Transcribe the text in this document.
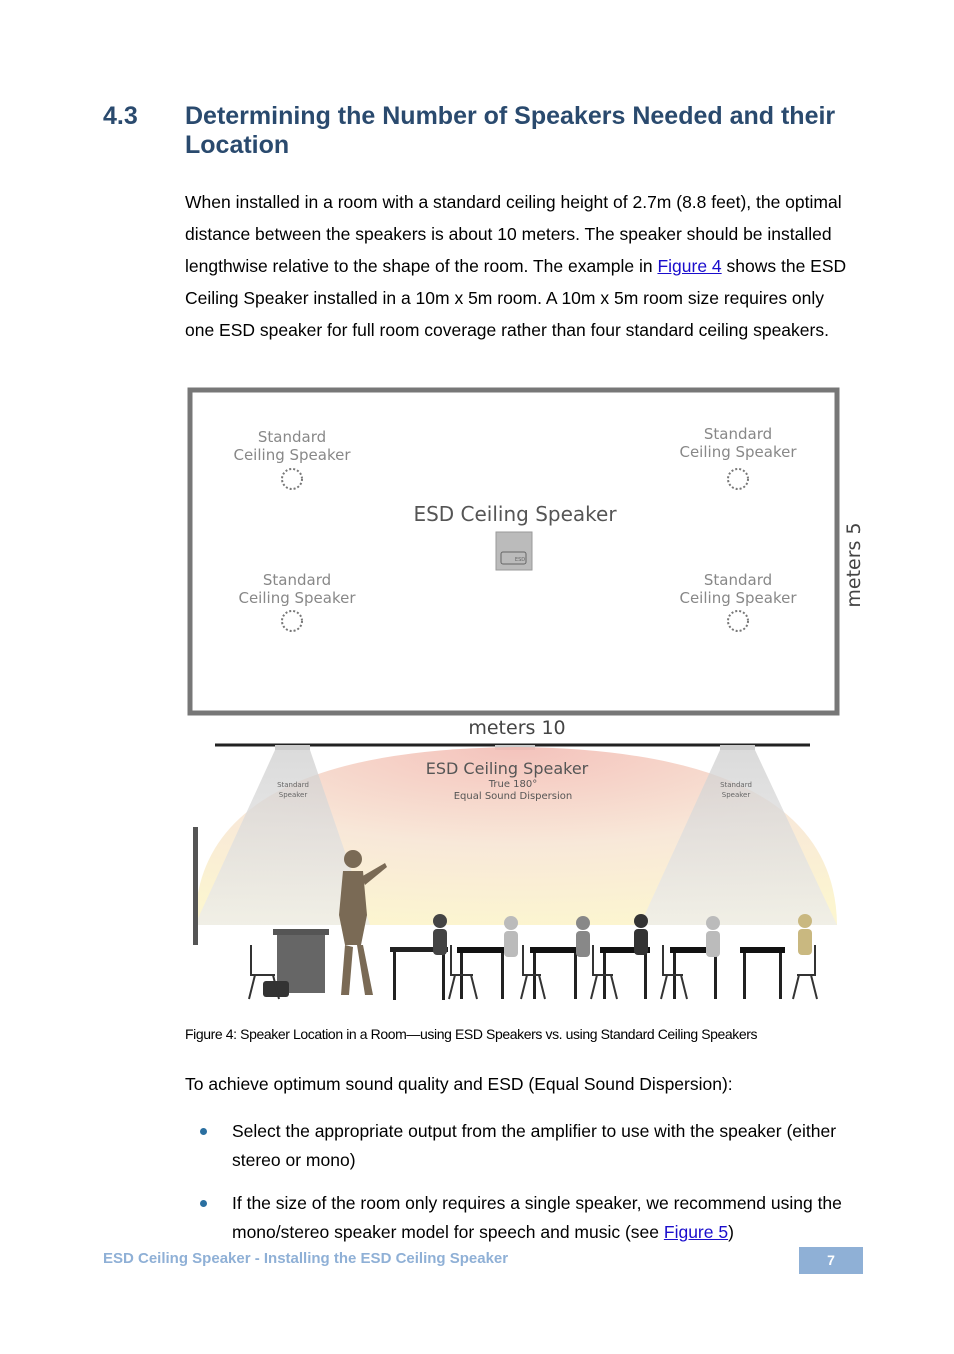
4.3 Determining the Number of Speakers Needed and their Location

When installed in a room with a standard ceiling height of 2.7m (8.8 feet), the optimal distance between the speakers is about 10 meters. The speaker should be installed lengthwise relative to the shape of the room. The example in Figure 4 shows the ESD Ceiling Speaker installed in a 10m x 5m room. A 10m x 5m room size requires only one ESD speaker for full room coverage rather than four standard ceiling speakers.

Standard Ceiling Speaker
Standard Ceiling Speaker
Standard Ceiling Speaker
Standard Ceiling Speaker
ESD Ceiling Speaker
ESD	meters 5
meters 10
ESD Ceiling Speaker
True 180°
Equal Sound Dispersion
Standard Speaker
Standard Speaker
Figure 4: Speaker Location in a Room—using ESD Speakers vs. using Standard Ceiling Speakers
To achieve optimum sound quality and ESD (Equal Sound Dispersion):
Select the appropriate output from the amplifier to use with the speaker (either stereo or mono)
If the size of the room only requires a single speaker, we recommend using the mono/stereo speaker model for speech and music (see Figure 5)
ESD Ceiling Speaker - Installing the ESD Ceiling Speaker	7
